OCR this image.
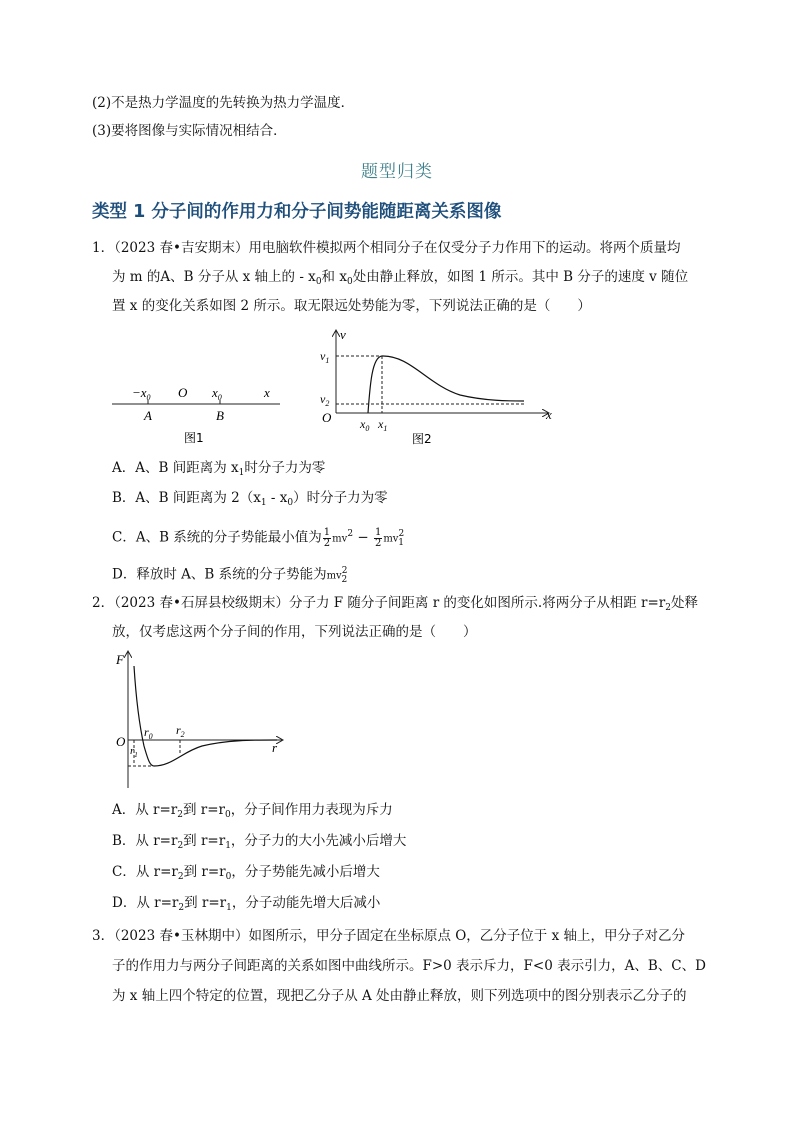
(2)不是热力学温度的先转换为热力学温度．
(3)要将图像与实际情况相结合．
题型归类
类型 1 分子间的作用力和分子间势能随距离关系图像
1．（2023 春•吉安期末）用电脑软件模拟两个相同分子在仅受分子力作用下的运动。将两个质量均
为 m 的A、B 分子从 x 轴上的 - $x_0$和 $x_0$处由静止释放，如图 1 所示。其中 B 分子的速度 v 随位
置 x 的变化关系如图 2 所示。取无限远处势能为零，下列说法正确的是（　　）
$-x_0$ O $x_0$	x
A	B
图1
v
$v_1$
$v_2$
O	x
$x_0$ $x_1$
图2
A．A、B 间距离为 $x_1$时分子力为零
B．A、B 间距离为 $2(x_1 - x_0)$时分子力为零
C．A、B 系统的分子势能最小值为 $\frac{1}{2} mv^2 - \frac{1}{2} mv^2_1$
D．释放时 A、B 系统的分子势能为$mv^2_2$
2．（2023 春•石屏县校级期末）分子力 F 随分子间距离 r 的变化如图所示.将两分子从相距 $r=r_2$处释
放，仅考虑这两个分子间的作用，下列说法正确的是（　　）
F
O	r
$r_0$ $r_2$
$r_1$
A．从 $r=r_2$到 $r=r_0$，分子间作用力表现为斥力
B．从 $r=r_2$到 $r=r_1$，分子力的大小先减小后增大
C．从 $r=r_2$到 $r=r_0$，分子势能先减小后增大
D．从 $r=r_2$到 $r=r_1$，分子动能先增大后减小
3．（2023 春•玉林期中）如图所示，甲分子固定在坐标原点 O，乙分子位于 x 轴上，甲分子对乙分
子的作用力与两分子间距离的关系如图中曲线所示。F>0 表示斥力，F<0 表示引力，A、B、C、D
为 x 轴上四个特定的位置，现把乙分子从 A 处由静止释放，则下列选项中的图分别表示乙分子的
